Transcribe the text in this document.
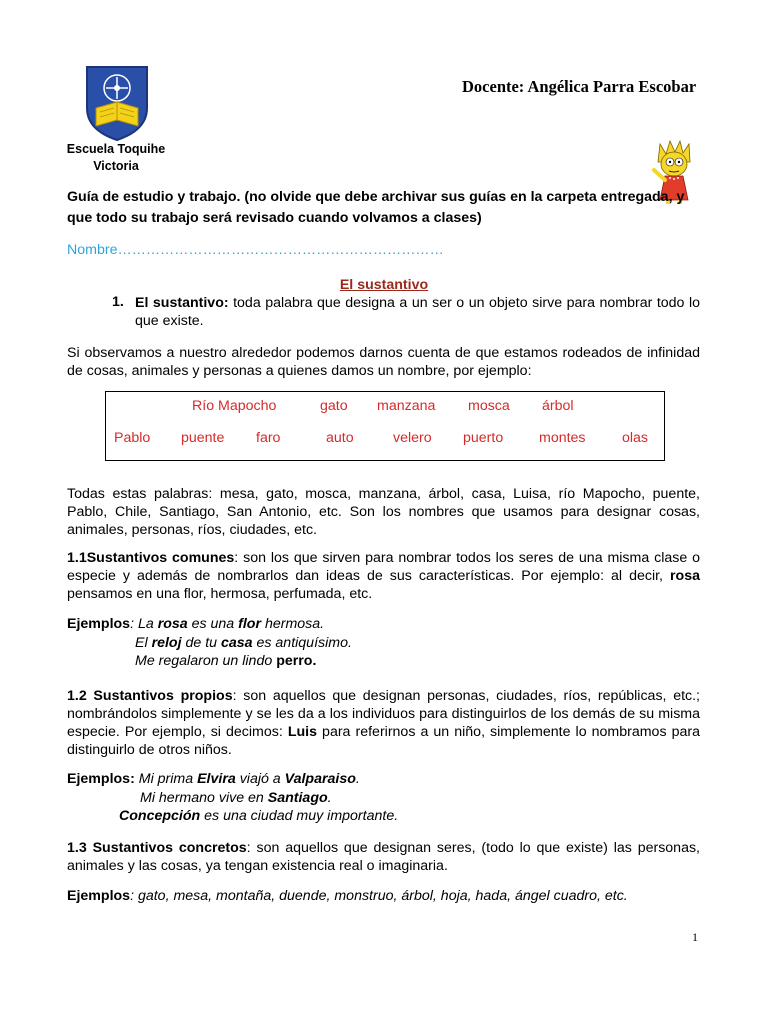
Escuela Toquihe
Victoria
Docente: Angélica Parra Escobar
Guía de estudio y trabajo. (no olvide que debe archivar sus guías en la carpeta entregada, y que todo su trabajo será revisado cuando volvamos a clases)
Nombre……………………………………………………………
El sustantivo
1. El sustantivo: toda palabra que designa a un ser o un objeto sirve para nombrar todo lo que existe.
Si observamos a nuestro alrededor podemos darnos cuenta de que estamos rodeados de infinidad de cosas, animales y personas a quienes damos un nombre, por ejemplo:
Río Mapocho	gato manzana mosca árbol
Pablo puente faro	auto	velero puerto	montes	olas
Todas estas palabras: mesa, gato, mosca, manzana, árbol, casa, Luisa, río Mapocho, puente, Pablo, Chile, Santiago, San Antonio, etc. Son los nombres que usamos para designar cosas, animales, personas, ríos, ciudades, etc.
1.1Sustantivos comunes: son los que sirven para nombrar todos los seres de una misma clase o especie y además de nombrarlos dan ideas de sus características. Por ejemplo: al decir, rosa pensamos en una flor, hermosa, perfumada, etc.
Ejemplos: La rosa es una flor hermosa.
El reloj de tu casa es antiquísimo.
Me regalaron un lindo perro.
1.2 Sustantivos propios: son aquellos que designan personas, ciudades, ríos, repúblicas, etc.; nombrándolos simplemente y se les da a los individuos para distinguirlos de los demás de su misma especie. Por ejemplo, si decimos: Luis para referirnos a un niño, simplemente lo nombramos para distinguirlo de otros niños.
Ejemplos: Mi prima Elvira viajó a Valparaiso.
Mi hermano vive en Santiago.
Concepción es una ciudad muy importante.
1.3 Sustantivos concretos: son aquellos que designan seres, (todo lo que existe) las personas, animales y las cosas, ya tengan existencia real o imaginaria.
Ejemplos: gato, mesa, montaña, duende, monstruo, árbol, hoja, hada, ángel cuadro, etc.
1
